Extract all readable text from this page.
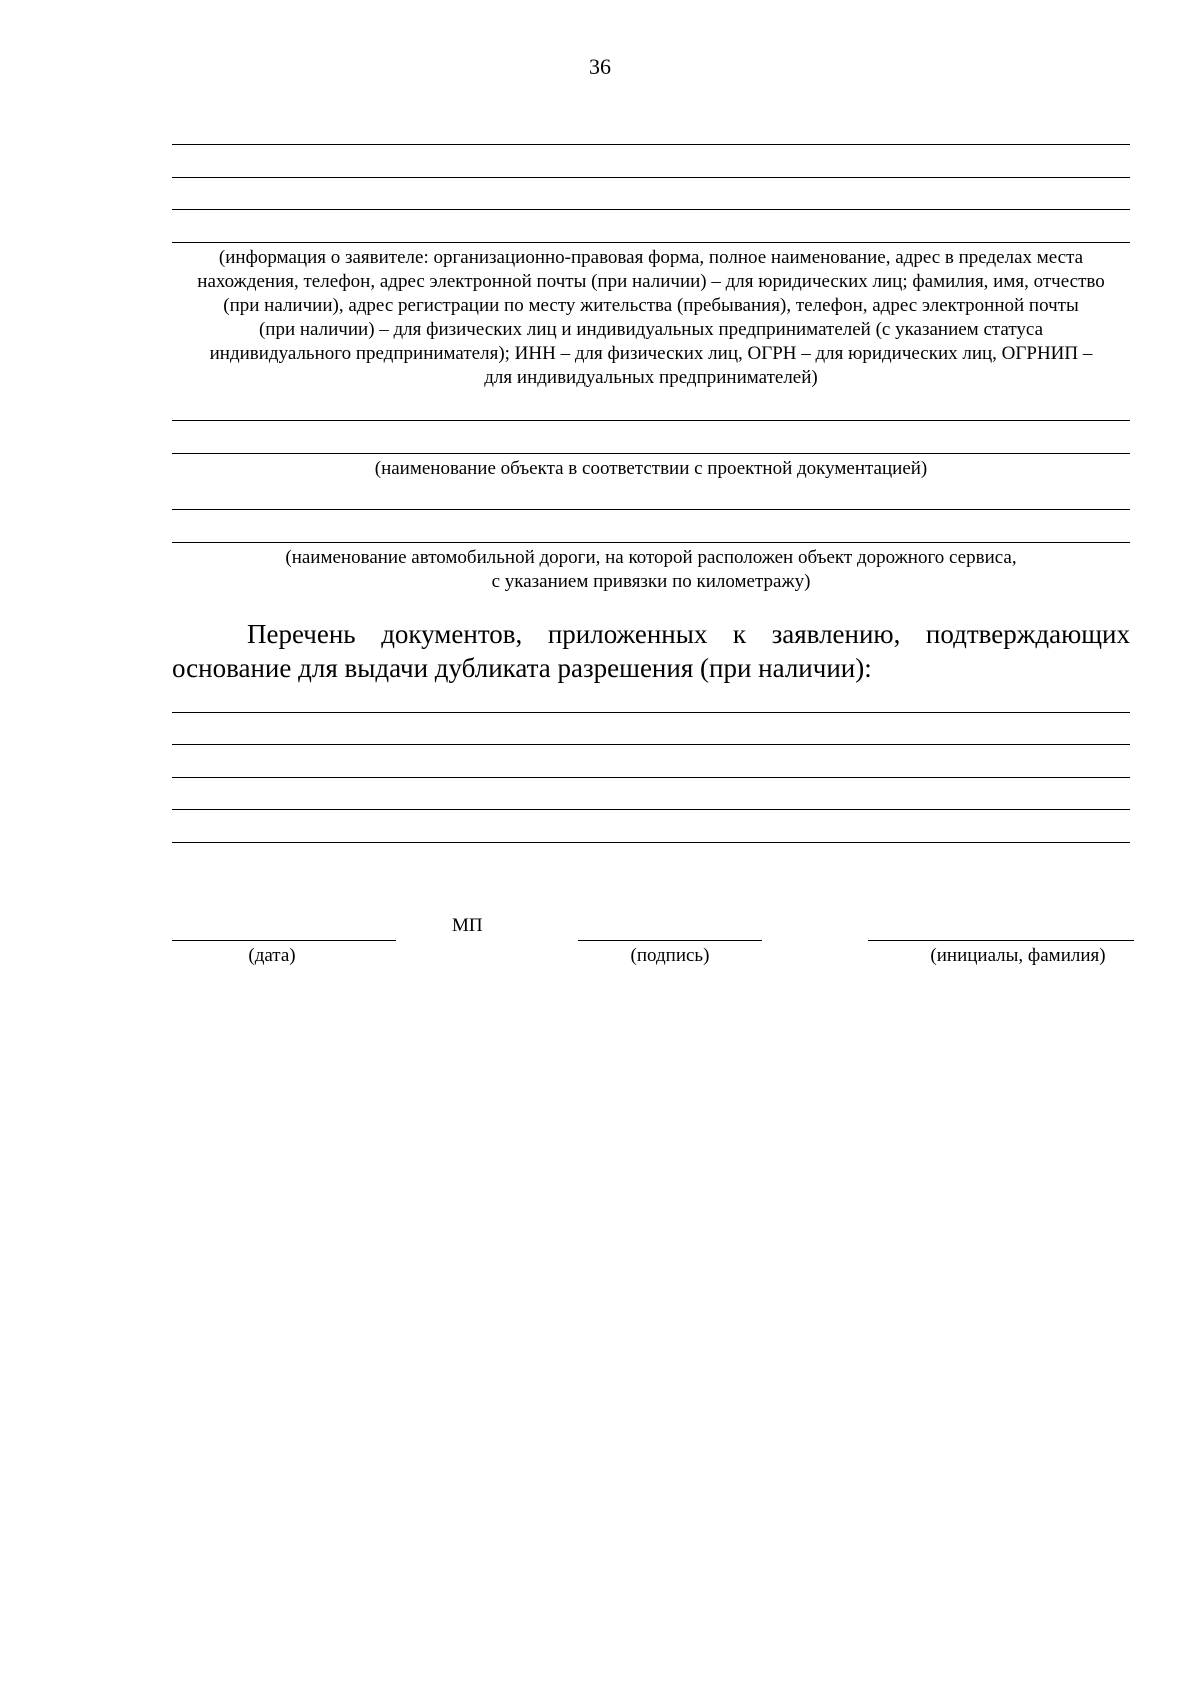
36
(информация о заявителе: организационно-правовая форма, полное наименование, адрес в пределах места
нахождения, телефон, адрес электронной почты (при наличии) – для юридических лиц; фамилия, имя, отчество
(при наличии), адрес регистрации по месту жительства (пребывания), телефон, адрес электронной почты
(при наличии) – для физических лиц и индивидуальных предпринимателей (с указанием статуса
индивидуального предпринимателя); ИНН – для физических лиц, ОГРН – для юридических лиц, ОГРНИП –
для индивидуальных предпринимателей)
(наименование объекта в соответствии с проектной документацией)
(наименование автомобильной дороги, на которой расположен объект дорожного сервиса,
с указанием привязки по километражу)
Перечень документов, приложенных к заявлению, подтверждающих
основание для выдачи дубликата разрешения (при наличии):
МП
(дата)	(подпись)	(инициалы, фамилия)
